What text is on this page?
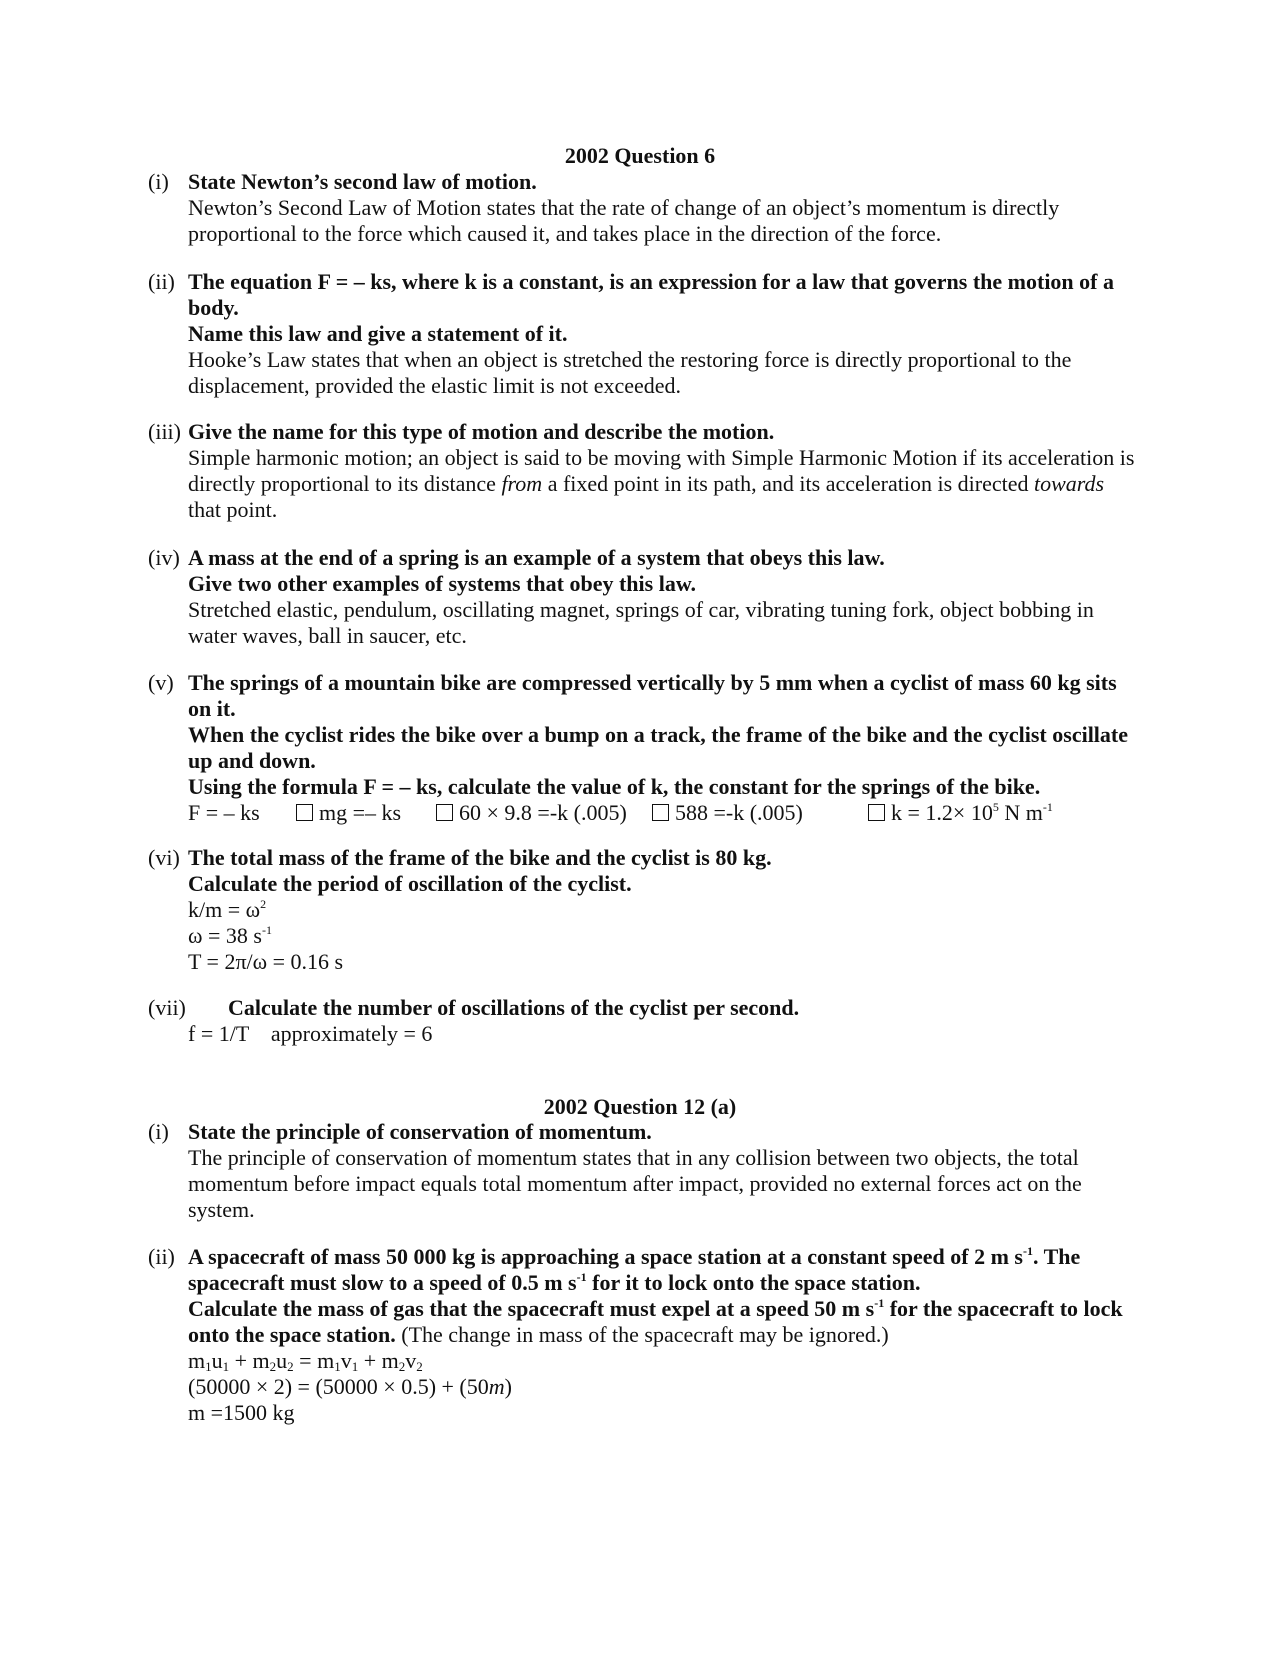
2002 Question 6
(i) State Newton’s second law of motion.
Newton’s Second Law of Motion states that the rate of change of an object’s momentum is directly proportional to the force which caused it, and takes place in the direction of the force.
(ii) The equation F = – ks, where k is a constant, is an expression for a law that governs the motion of a body.
Name this law and give a statement of it.
Hooke’s Law states that when an object is stretched the restoring force is directly proportional to the displacement, provided the elastic limit is not exceeded.
(iii) Give the name for this type of motion and describe the motion.
Simple harmonic motion; an object is said to be moving with Simple Harmonic Motion if its acceleration is directly proportional to its distance from a fixed point in its path, and its acceleration is directed towards that point.
(iv) A mass at the end of a spring is an example of a system that obeys this law.
Give two other examples of systems that obey this law.
Stretched elastic, pendulum, oscillating magnet, springs of car, vibrating tuning fork, object bobbing in water waves, ball in saucer, etc.
(v) The springs of a mountain bike are compressed vertically by 5 mm when a cyclist of mass 60 kg sits on it.
When the cyclist rides the bike over a bump on a track, the frame of the bike and the cyclist oscillate up and down.
Using the formula F = – ks, calculate the value of k, the constant for the springs of the bike.
F = – ks	mg =– ks	60 × 9.8 =-k (.005)	588 =-k (.005)	$k = 1.2\times 10^5$ N $m^{-1}$
(vi) The total mass of the frame of the bike and the cyclist is 80 kg.
Calculate the period of oscillation of the cyclist.
$k/m = \omega^2$
ω = 38 $s^{-1}$
T = 2π/ω = 0.16 s
(vii)	Calculate the number of oscillations of the cyclist per second.
f = 1/T    approximately = 6
2002 Question 12 (a)
(i) State the principle of conservation of momentum.
The principle of conservation of momentum states that in any collision between two objects, the total momentum before impact equals total momentum after impact, provided no external forces act on the system.
(ii) A spacecraft of mass 50 000 kg is approaching a space station at a constant speed of 2 m $s^{-1}$. The spacecraft must slow to a speed of 0.5 m $s^{-1}$ for it to lock onto the space station.
Calculate the mass of gas that the spacecraft must expel at a speed 50 m $s^{-1}$ for the spacecraft to lock onto the space station. (The change in mass of the spacecraft may be ignored.)
$m_1u_1 + m_2u_2 = m_1v_1 + m_2v_2$
(50000 × 2) = (50000 × 0.5) + (50m)
m =1500 kg
